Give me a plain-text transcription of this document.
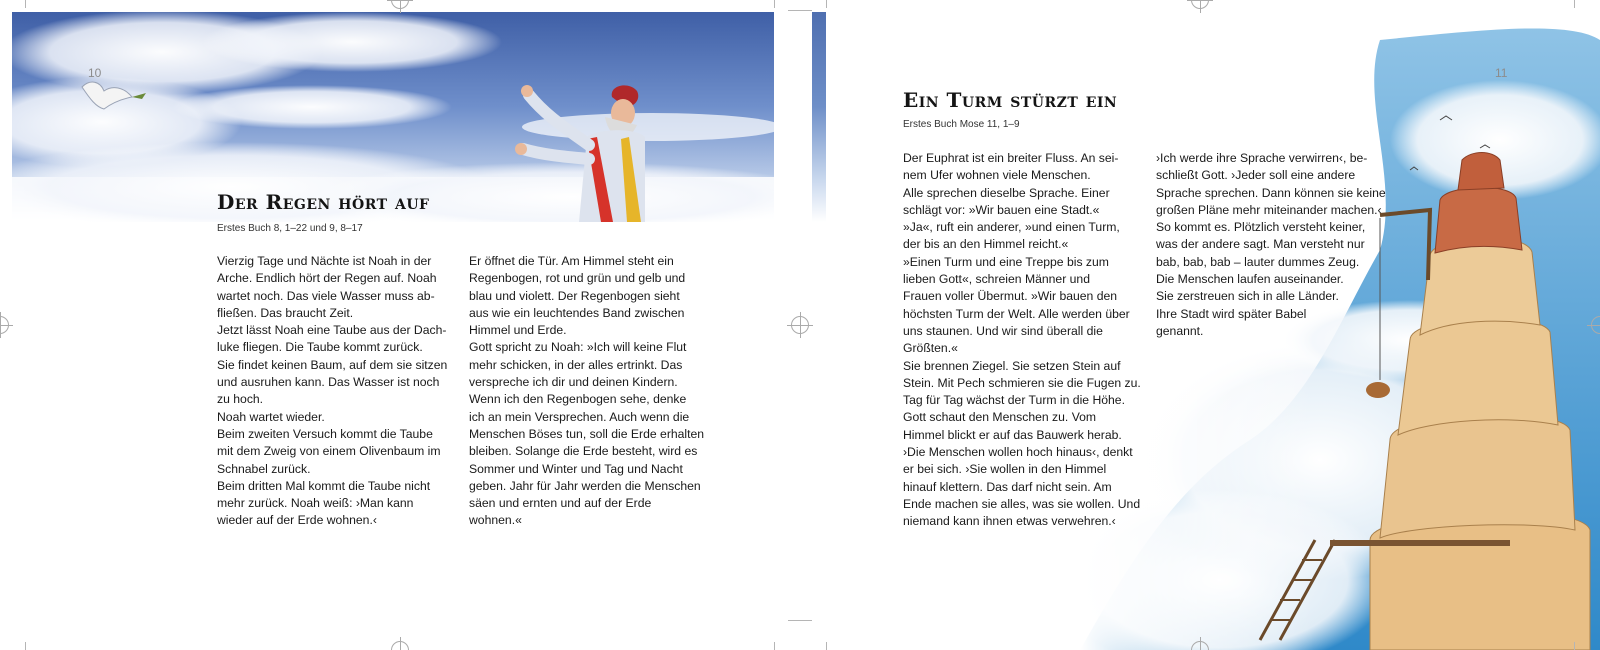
10	11
Der Regen hört auf
Erstes Buch 8, 1–22 und 9, 8–17
Ein Turm stürzt ein
Erstes Buch Mose 11, 1–9
Vierzig Tage und Nächte ist Noah in der
Arche. Endlich hört der Regen auf. Noah
wartet noch. Das viele Wasser muss ab-
fließen. Das braucht Zeit.
Jetzt lässt Noah eine Taube aus der Dach-
luke fliegen. Die Taube kommt zurück.
Sie findet keinen Baum, auf dem sie sitzen
und ausruhen kann. Das Wasser ist noch
zu hoch.
Noah wartet wieder.
Beim zweiten Versuch kommt die Taube
mit dem Zweig von einem Olivenbaum im
Schnabel zurück.
Beim dritten Mal kommt die Taube nicht
mehr zurück. Noah weiß: ›Man kann
wieder auf der Erde wohnen.‹
Er öffnet die Tür. Am Himmel steht ein
Regenbogen, rot und grün und gelb und
blau und violett. Der Regenbogen sieht
aus wie ein leuchtendes Band zwischen
Himmel und Erde.
Gott spricht zu Noah: »Ich will keine Flut
mehr schicken, in der alles ertrinkt. Das
verspreche ich dir und deinen Kindern.
Wenn ich den Regenbogen sehe, denke
ich an mein Versprechen. Auch wenn die
Menschen Böses tun, soll die Erde erhalten
bleiben. Solange die Erde besteht, wird es
Sommer und Winter und Tag und Nacht
geben. Jahr für Jahr werden die Menschen
säen und ernten und auf der Erde
wohnen.«
Der Euphrat ist ein breiter Fluss. An sei-
nem Ufer wohnen viele Menschen.
Alle sprechen dieselbe Sprache. Einer
schlägt vor: »Wir bauen eine Stadt.«
»Ja«, ruft ein anderer, »und einen Turm,
der bis an den Himmel reicht.«
»Einen Turm und eine Treppe bis zum
lieben Gott«, schreien Männer und
Frauen voller Übermut. »Wir bauen den
höchsten Turm der Welt. Alle werden über
uns staunen. Und wir sind überall die
Größten.«
Sie brennen Ziegel. Sie setzen Stein auf
Stein. Mit Pech schmieren sie die Fugen zu.
Tag für Tag wächst der Turm in die Höhe.
Gott schaut den Menschen zu. Vom
Himmel blickt er auf das Bauwerk herab.
›Die Menschen wollen hoch hinaus‹, denkt
er bei sich. ›Sie wollen in den Himmel
hinauf klettern. Das darf nicht sein. Am
Ende machen sie alles, was sie wollen. Und
niemand kann ihnen etwas verwehren.‹
›Ich werde ihre Sprache verwirren‹, be-
schließt Gott. ›Jeder soll eine andere
Sprache sprechen. Dann können sie keine
großen Pläne mehr miteinander machen.‹
So kommt es. Plötzlich versteht keiner,
was der andere sagt. Man versteht nur
bab, bab, bab – lauter dummes Zeug.
Die Menschen laufen auseinander.
Sie zerstreuen sich in alle Länder.
Ihre Stadt wird später Babel
genannt.
